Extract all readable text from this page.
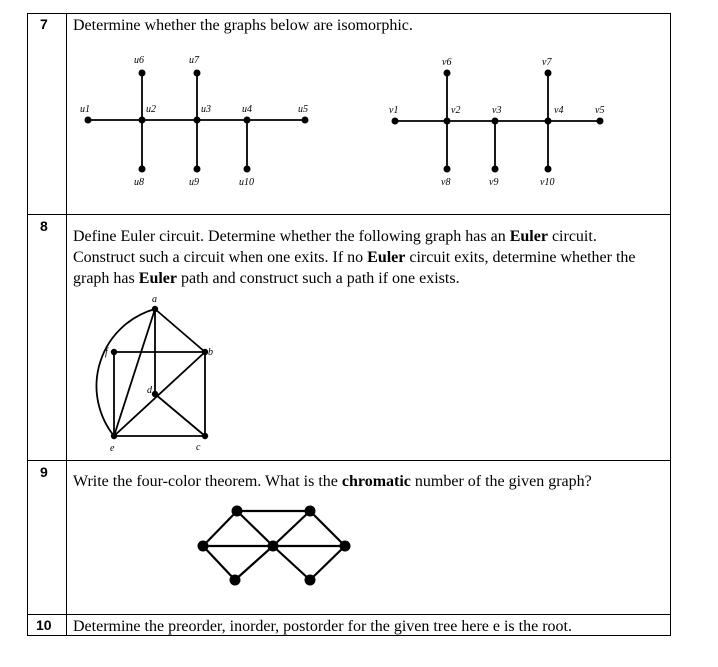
7 Determine whether the graphs below are isomorphic.
u1	u2	u3	u4	u5
u6	u7
u8	u9	u10
v1	v2	v3	v4	v5
v6	v7
v8	v9	v10
8
Define Euler circuit. Determine whether the following graph has an Euler circuit. Construct such a circuit when one exits. If no Euler circuit exits, determine whether the graph has Euler path and construct such a path if one exists.
a
b
c
d
e
f
9
Write the four-color theorem. What is the chromatic number of the given graph?
10 Determine the preorder, inorder, postorder for the given tree here e is the root.
